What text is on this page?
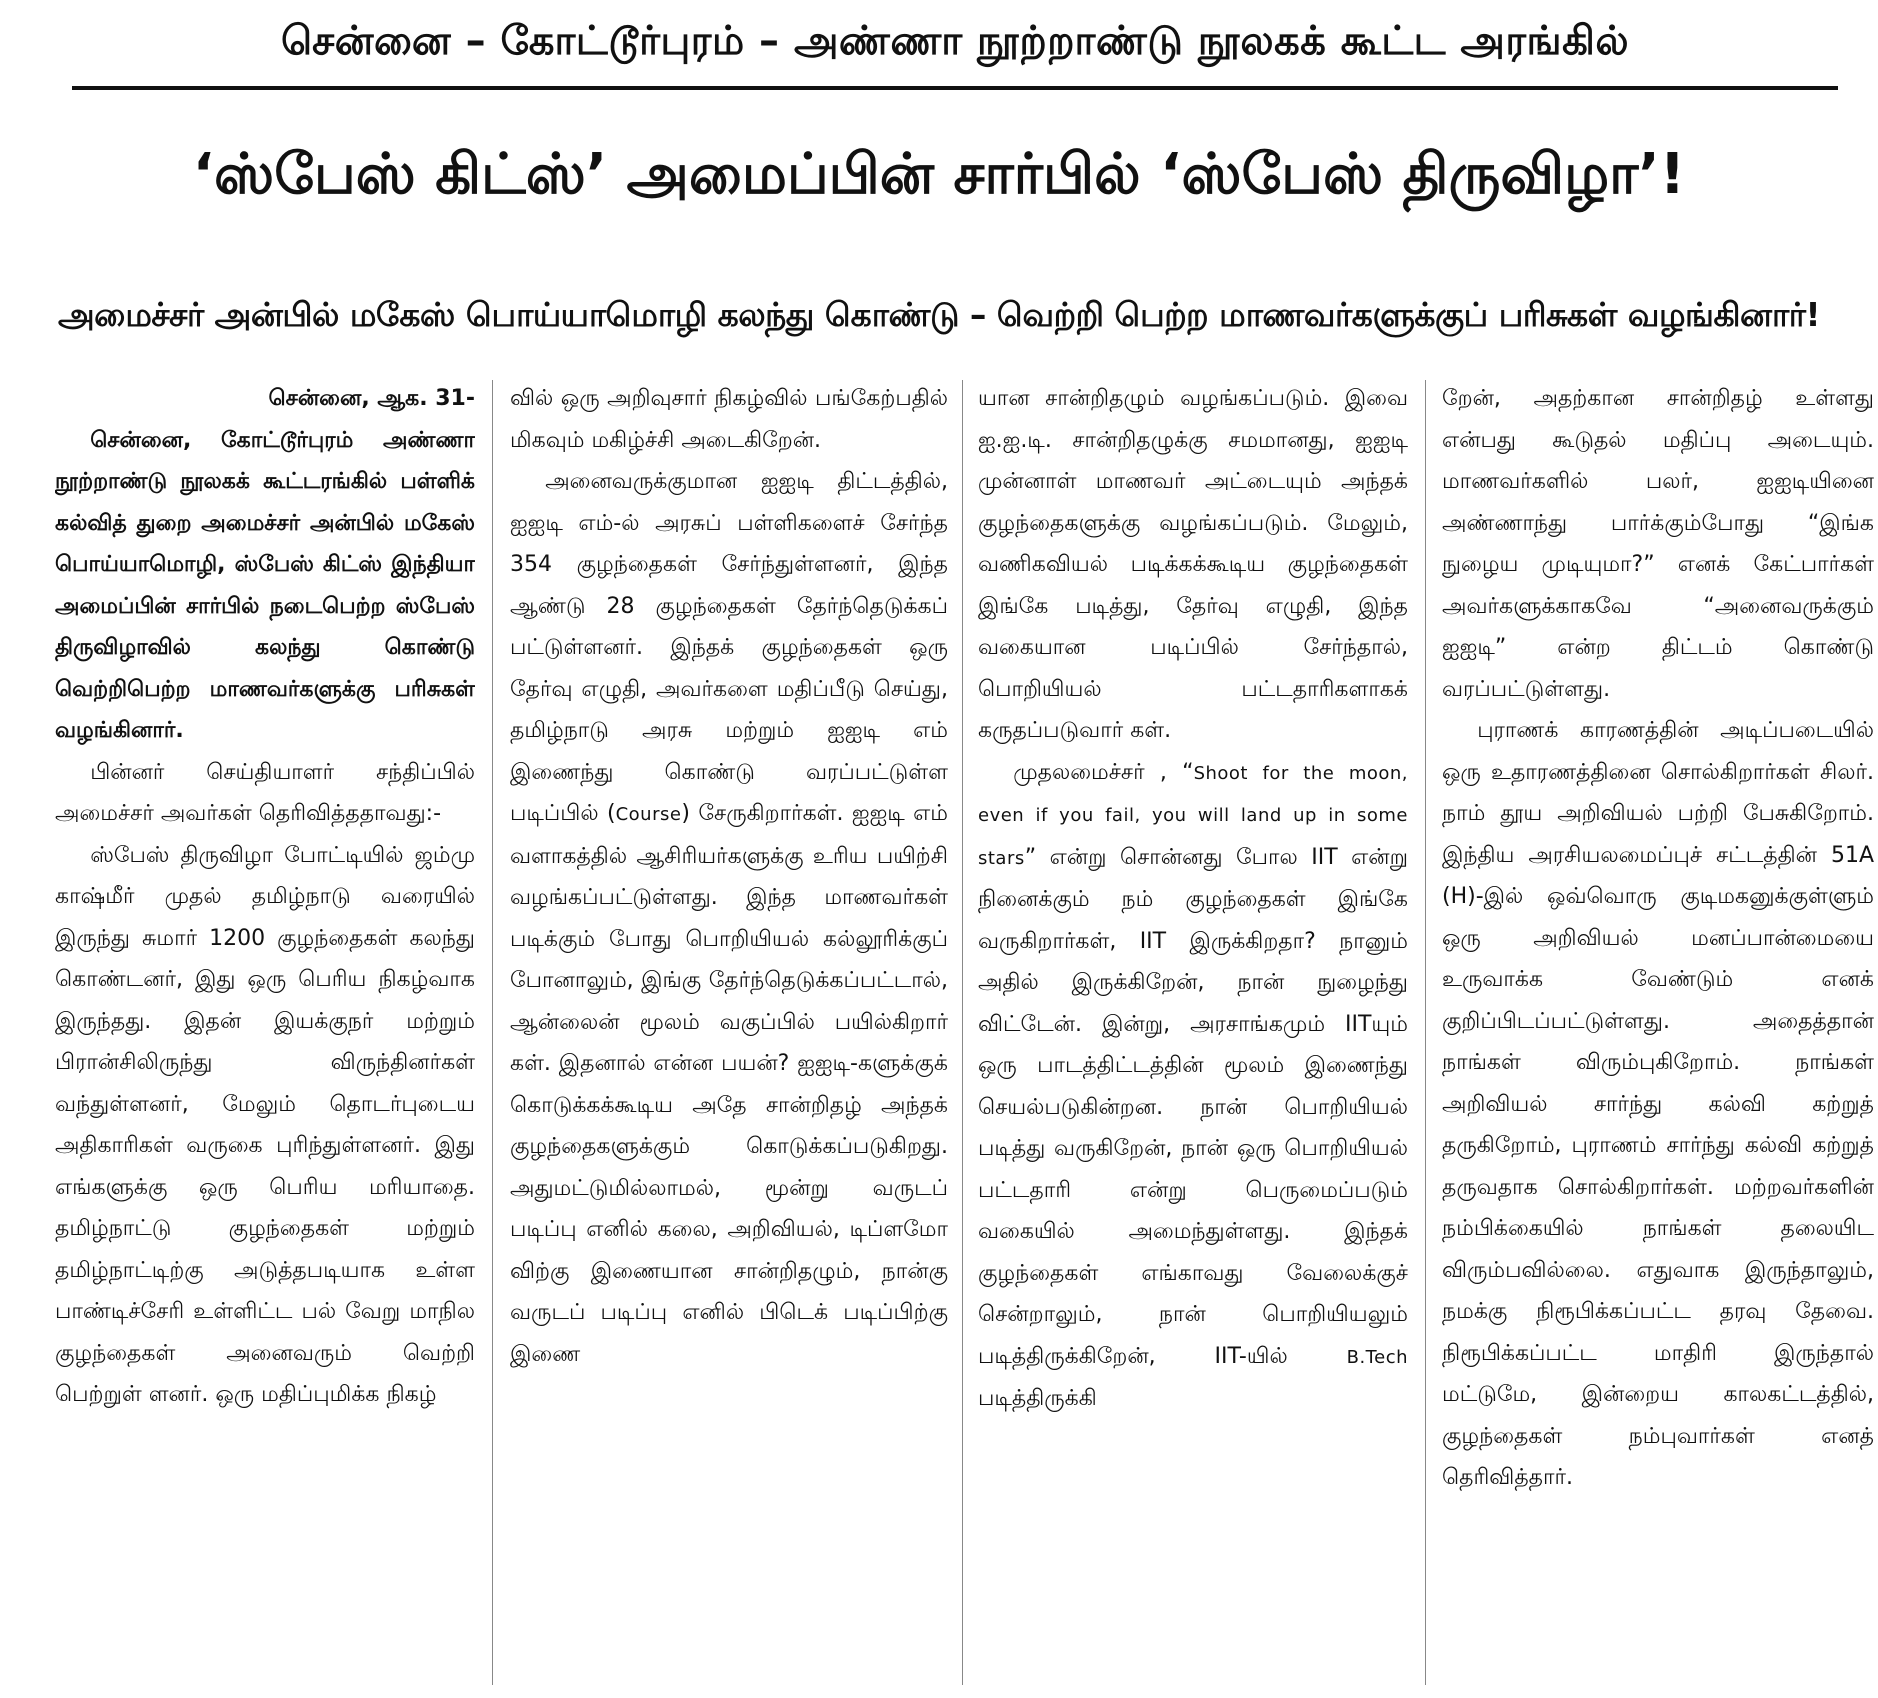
சென்னை – கோட்டூர்புரம் – அண்ணா நூற்றாண்டு நூலகக் கூட்ட அரங்கில்
‘ஸ்பேஸ் கிட்ஸ்’ அமைப்பின் சார்பில் ‘ஸ்பேஸ் திருவிழா’!
அமைச்சர் அன்பில் மகேஸ் பொய்யாமொழி கலந்து கொண்டு – வெற்றி பெற்ற மாணவர்களுக்குப் பரிசுகள் வழங்கினார்!

சென்னை, ஆக. 31-

சென்னை, கோட்டூர்புரம் அண்ணா நூற்றாண்டு நூலகக் கூட்டரங்கில் பள்ளிக் கல்வித் துறை அமைச்சர் அன்பில் மகேஸ் பொய்யாமொழி, ஸ்பேஸ் கிட்ஸ் இந்தியா அமைப்பின் சார்பில் நடைபெற்ற ஸ்பேஸ் திருவிழாவில் கலந்து கொண்டு வெற்றிபெற்ற மாணவர்களுக்கு பரிசுகள் வழங்கினார்.

பின்னர் செய்தியாளர் சந்திப்பில் அமைச்சர் அவர்கள் தெரிவித்ததாவது:-

ஸ்பேஸ் திருவிழா போட்டியில் ஜம்மு காஷ்மீர் முதல் தமிழ்நாடு வரையில் இருந்து சுமார் 1200 குழந்தைகள் கலந்து கொண்டனர், இது ஒரு பெரிய நிகழ்வாக இருந்தது. இதன் இயக்குநர் மற்றும் பிரான்சிலிருந்து விருந்தினர்கள் வந்துள்ளனர், மேலும் தொடர்புடைய அதிகாரிகள் வருகை புரிந்துள்ளனர். இது எங்களுக்கு ஒரு பெரிய மரியாதை. தமிழ்நாட்டு குழந்தைகள் மற்றும் தமிழ்நாட்டிற்கு அடுத்தபடியாக உள்ள பாண்டிச்சேரி உள்ளிட்ட பல் வேறு மாநில குழந்தைகள் அனைவரும் வெற்றி பெற்றுள் ளனர். ஒரு மதிப்புமிக்க நிகழ்

வில் ஒரு அறிவுசார் நிகழ்வில் பங்கேற்பதில் மிகவும் மகிழ்ச்சி அடைகிறேன்.

அனைவருக்குமான ஐஐடி திட்டத்தில், ஐஐடி எம்-ல் அரசுப் பள்ளிகளைச் சேர்ந்த 354 குழந்தைகள் சேர்ந்துள்ளனர், இந்த ஆண்டு 28 குழந்தைகள் தேர்ந்தெடுக்கப் பட்டுள்ளனர். இந்தக் குழந்தைகள் ஒரு தேர்வு எழுதி, அவர்களை மதிப்பீடு செய்து, தமிழ்நாடு அரசு மற்றும் ஐஐடி எம் இணைந்து கொண்டு வரப்பட்டுள்ள படிப்பில் (Course) சேருகிறார்கள். ஐஐடி எம் வளாகத்தில் ஆசிரியர்களுக்கு உரிய பயிற்சி வழங்கப்பட்டுள்ளது. இந்த மாணவர்கள் படிக்கும் போது பொறியியல் கல்லூரிக்குப் போனாலும், இங்கு தேர்ந்தெடுக்கப்பட்டால், ஆன்லைன் மூலம் வகுப்பில் பயில்கிறார் கள். இதனால் என்ன பயன்? ஐஐடி-களுக்குக் கொடுக்கக்கூடிய அதே சான்றிதழ் அந்தக் குழந்தைகளுக்கும் கொடுக்கப்படுகிறது. அதுமட்டுமில்லாமல், மூன்று வருடப் படிப்பு எனில் கலை, அறிவியல், டிப்ளமோ விற்கு இணையான சான்றிதழும், நான்கு வருடப் படிப்பு எனில் பிடெக் படிப்பிற்கு இணை

யான சான்றிதழும் வழங்கப்படும். இவை ஐ.ஐ.டி. சான்றிதழுக்கு சமமானது, ஐஐடி முன்னாள் மாணவர் அட்டையும் அந்தக் குழந்தைகளுக்கு வழங்கப்படும். மேலும், வணிகவியல் படிக்கக்கூடிய குழந்தைகள் இங்கே படித்து, தேர்வு எழுதி, இந்த வகையான படிப்பில் சேர்ந்தால், பொறியியல் பட்டதாரிகளாகக் கருதப்படுவார் கள்.

முதலமைச்சர் , “Shoot for the moon, even if you fail, you will land up in some stars” என்று சொன்னது போல IIT என்று நினைக்கும் நம் குழந்தைகள் இங்கே வருகிறார்கள், IIT இருக்கிறதா? நானும் அதில் இருக்கிறேன், நான் நுழைந்து விட்டேன். இன்று, அரசாங்கமும் IITயும் ஒரு பாடத்திட்டத்தின் மூலம் இணைந்து செயல்படுகின்றன. நான் பொறியியல் படித்து வருகிறேன், நான் ஒரு பொறியியல் பட்டதாரி என்று பெருமைப்படும் வகையில் அமைந்துள்ளது. இந்தக் குழந்தைகள் எங்காவது வேலைக்குச் சென்றாலும், நான் பொறியியலும் படித்திருக்கிறேன், IIT-யில் B.Tech படித்திருக்கி

றேன், அதற்கான சான்றிதழ் உள்ளது என்பது கூடுதல் மதிப்பு அடையும். மாணவர்களில் பலர், ஐஐடியினை அண்ணாந்து பார்க்கும்போது “இங்க நுழைய முடியுமா?” எனக் கேட்பார்கள் அவர்களுக்காகவே “அனைவருக்கும் ஐஐடி” என்ற திட்டம் கொண்டு வரப்பட்டுள்ளது.

புராணக் காரணத்தின் அடிப்படையில் ஒரு உதாரணத்தினை சொல்கிறார்கள் சிலர். நாம் தூய அறிவியல் பற்றி பேசுகிறோம். இந்திய அரசியலமைப்புச் சட்டத்தின் 51A (H)-இல் ஒவ்வொரு குடிமகனுக்குள்ளும் ஒரு அறிவியல் மனப்பான்மையை உருவாக்க வேண்டும் எனக் குறிப்பிடப்பட்டுள்ளது. அதைத்தான் நாங்கள் விரும்புகிறோம். நாங்கள் அறிவியல் சார்ந்து கல்வி கற்றுத் தருகிறோம், புராணம் சார்ந்து கல்வி கற்றுத் தருவதாக சொல்கிறார்கள். மற்றவர்களின் நம்பிக்கையில் நாங்கள் தலையிட விரும்பவில்லை. எதுவாக இருந்தாலும், நமக்கு நிரூபிக்கப்பட்ட தரவு தேவை. நிரூபிக்கப்பட்ட மாதிரி இருந்தால் மட்டுமே, இன்றைய காலகட்டத்தில், குழந்தைகள் நம்புவார்கள் எனத் தெரிவித்தார்.
